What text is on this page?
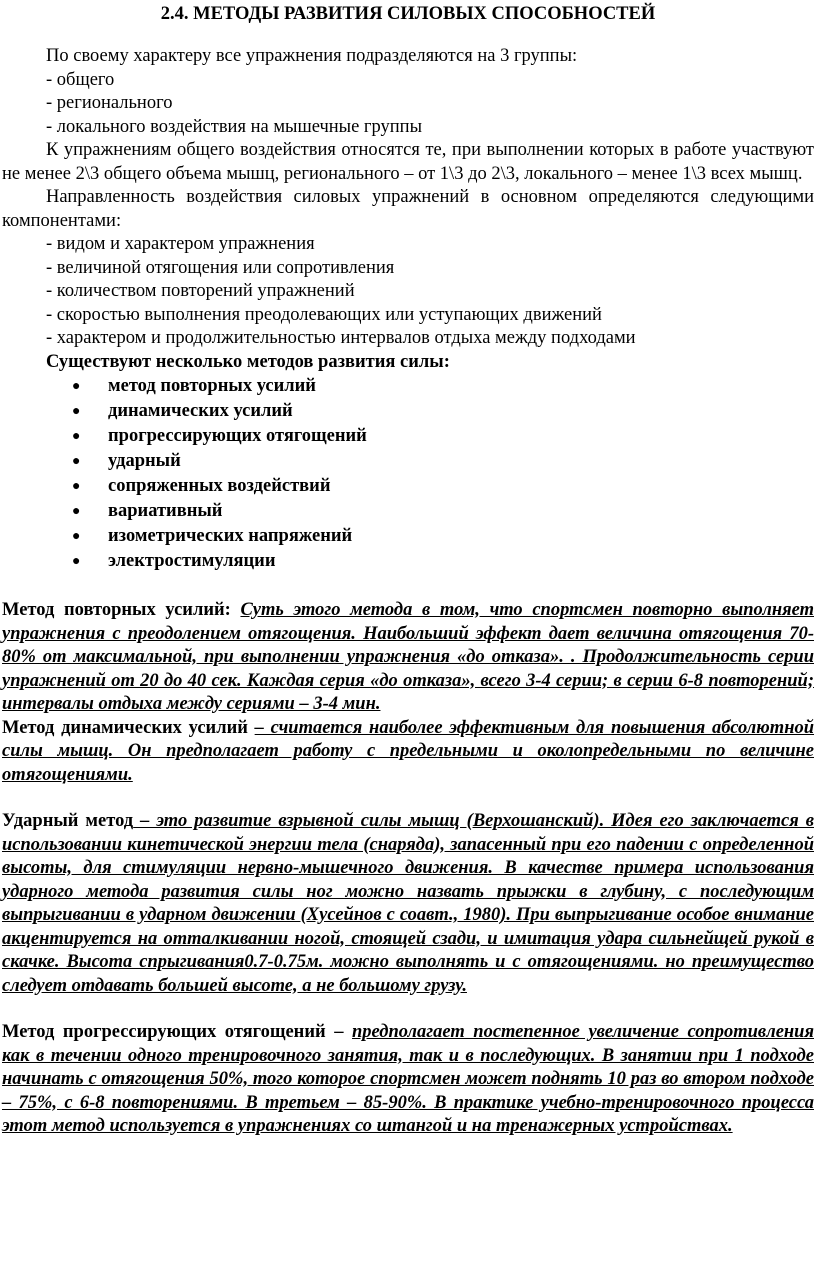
2.4. МЕТОДЫ РАЗВИТИЯ СИЛОВЫХ СПОСОБНОСТЕЙ

По своему характеру все упражнения подразделяются на 3 группы:

- общего

- регионального

- локального воздействия на мышечные группы

К упражнениям общего воздействия относятся те, при выполнении которых в работе участвуют не менее 2\3 общего объема мышц, регионального – от 1\3 до 2\3, локального – менее 1\3 всех мышц.

Направленность воздействия силовых упражнений в основном определяются следующими компонентами:

- видом и характером упражнения

- величиной отягощения или сопротивления

- количеством повторений упражнений

- скоростью выполнения преодолевающих или уступающих движений

- характером и продолжительностью интервалов отдыха между подходами

Существуют несколько методов развития силы:

● метод повторных усилий
● динамических усилий
● прогрессирующих отягощений
● ударный
● сопряженных воздействий
● вариативный
● изометрических напряжений
● электростимуляции

Метод повторных усилий: Суть этого метода в том, что спортсмен повторно выполняет упражнения с преодолением отягощения. Наибольший эффект дает величина отягощения 70-80% от максимальной, при выполнении упражнения «до отказа». . Продолжительность серии упражнений от 20 до 40 сек. Каждая серия «до отказа», всего 3-4 серии; в серии 6-8 повторений; интервалы отдыха между сериями – 3-4 мин.

Метод динамических усилий – считается наиболее эффективным для повышения абсолютной силы мышц. Он предполагает работу с предельными и околопредельными по величине отягощениями.

Ударный метод – это развитие взрывной силы мышц (Верхошанский). Идея его заключается в использовании кинетической энергии тела (снаряда), запасенный при его падении с определенной высоты, для стимуляции нервно-мышечного движения. В качестве примера использования ударного метода развития силы ног можно назвать прыжки в глубину, с последующим выпрыгивании в ударном движении (Хусейнов с соавт., 1980). При выпрыгивание особое внимание акцентируется на отталкивании ногой, стоящей сзади, и имитация удара сильнейщей рукой в скачке. Высота спрыгивания0.7-0.75м. можно выполнять и с отягощениями. но преимущество следует отдавать большей высоте, а не большому грузу.

Метод прогрессирующих отягощений – предполагает постепенное увеличение сопротивления как в течении одного тренировочного занятия, так и в последующих. В занятии при 1 подходе начинать с отягощения 50%, того которое спортсмен может поднять 10 раз во втором подходе – 75%, с 6-8 повторениями. В третьем – 85-90%. В практике учебно-тренировочного процесса этот метод используется в упражнениях со штангой и на тренажерных устройствах.
